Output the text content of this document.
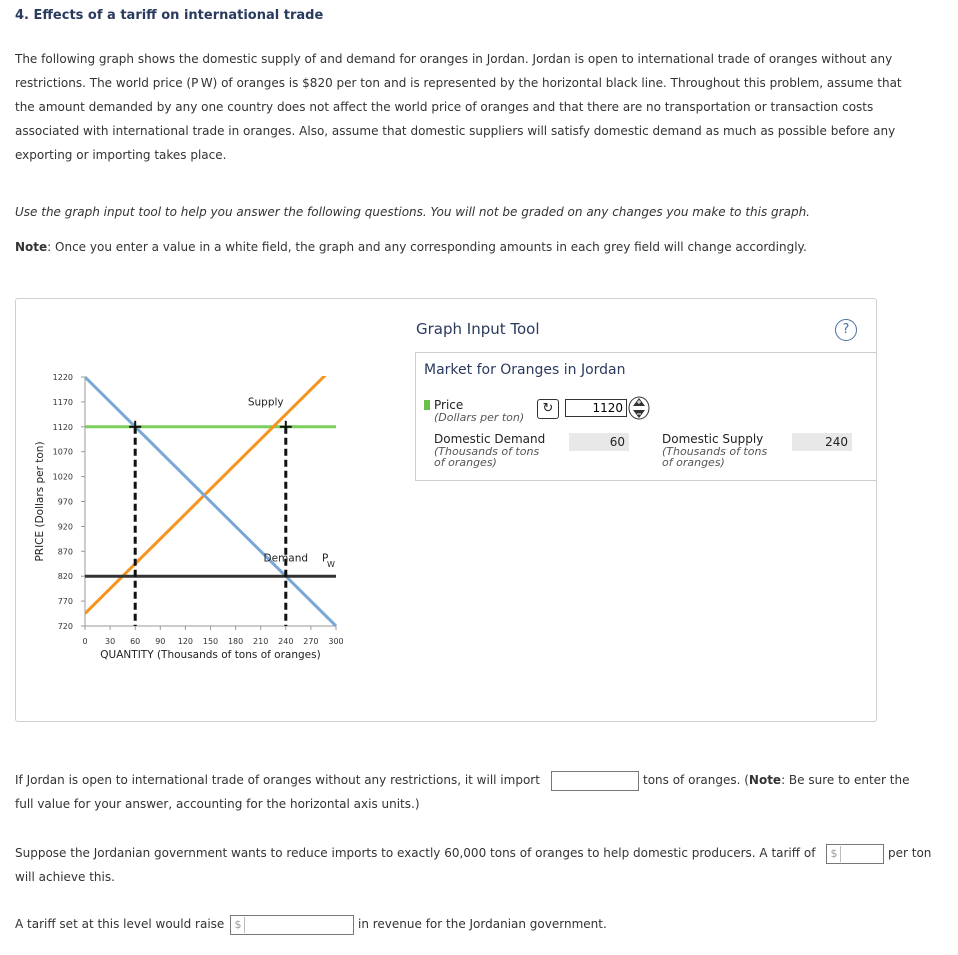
4. Effects of a tariff on international trade
The following graph shows the domestic supply of and demand for oranges in Jordan. Jordan is open to international trade of oranges without any
restrictions. The world price (P W) of oranges is $820 per ton and is represented by the horizontal black line. Throughout this problem, assume that
the amount demanded by any one country does not affect the world price of oranges and that there are no transportation or transaction costs
associated with international trade in oranges. Also, assume that domestic suppliers will satisfy domestic demand as much as possible before any
exporting or importing takes place.
Use the graph input tool to help you answer the following questions. You will not be graded on any changes you make to this graph.
Note: Once you enter a value in a white field, the graph and any corresponding amounts in each grey field will change accordingly.
720
770
820
870
920
970
1020
1070
1120
1170
1220
0 30 60 90 120 150 180 210 240 270 300
QUANTITY (Thousands of tons of oranges)
PRICE (Dollars per ton)
Supply
Demand P
W
Graph Input Tool	?
Market for Oranges in Jordan
Price
(Dollars per ton)
↻
1120
Domestic Demand
(Thousands of tons
of oranges)
60	Domestic Supply
(Thousands of tons
of oranges)
240
If Jordan is open to international trade of oranges without any restrictions, it will import	tons of oranges. (Note: Be sure to enter the
full value for your answer, accounting for the horizontal axis units.)
Suppose the Jordanian government wants to reduce imports to exactly 60,000 tons of oranges to help domestic producers. A tariff of $	per ton
will achieve this.
A tariff set at this level would raise $	in revenue for the Jordanian government.
